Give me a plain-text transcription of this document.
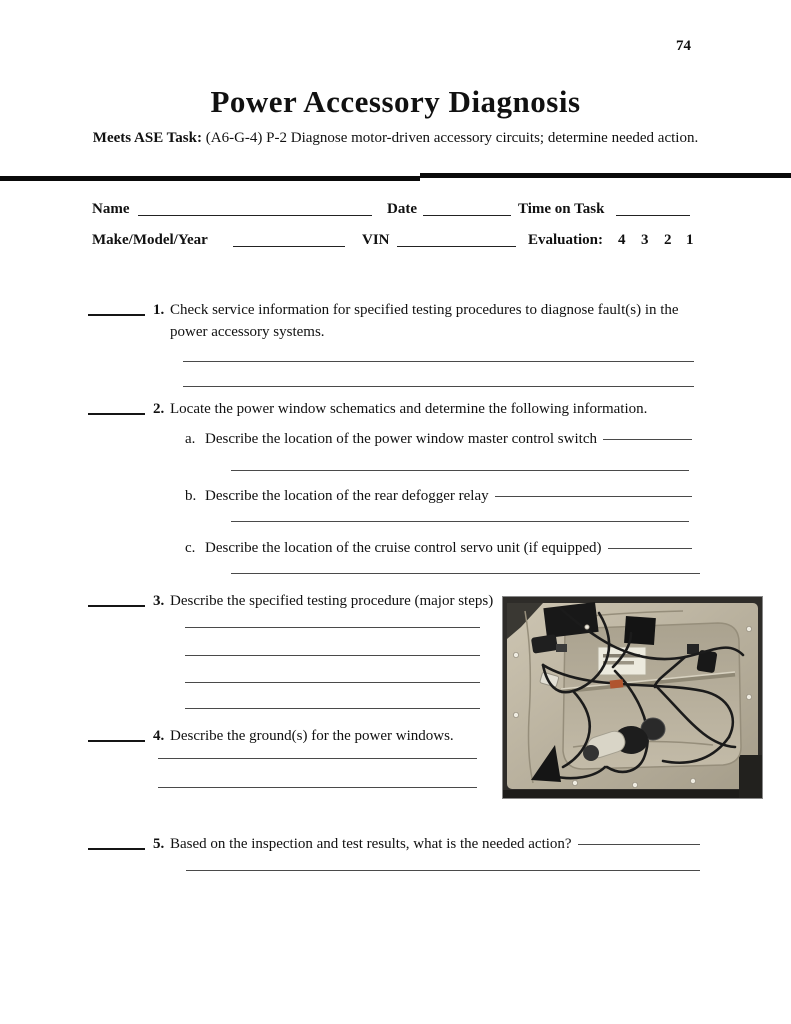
74
Power Accessory Diagnosis

Meets ASE Task: (A6-G-4) P-2 Diagnose motor-driven accessory circuits; determine needed action.

Name	Date	Time on Task
Make/Model/Year	VIN	Evaluation: 4 3 2 1
1. Check service information for specified testing procedures to diagnose fault(s) in the power accessory systems.
2. Locate the power window schematics and determine the following information.
a. Describe the location of the power window master control switch
b. Describe the location of the rear defogger relay
c. Describe the location of the cruise control servo unit (if equipped)
3. Describe the specified testing procedure (major steps)
4. Describe the ground(s) for the power windows.
5. Based on the inspection and test results, what is the needed action?
